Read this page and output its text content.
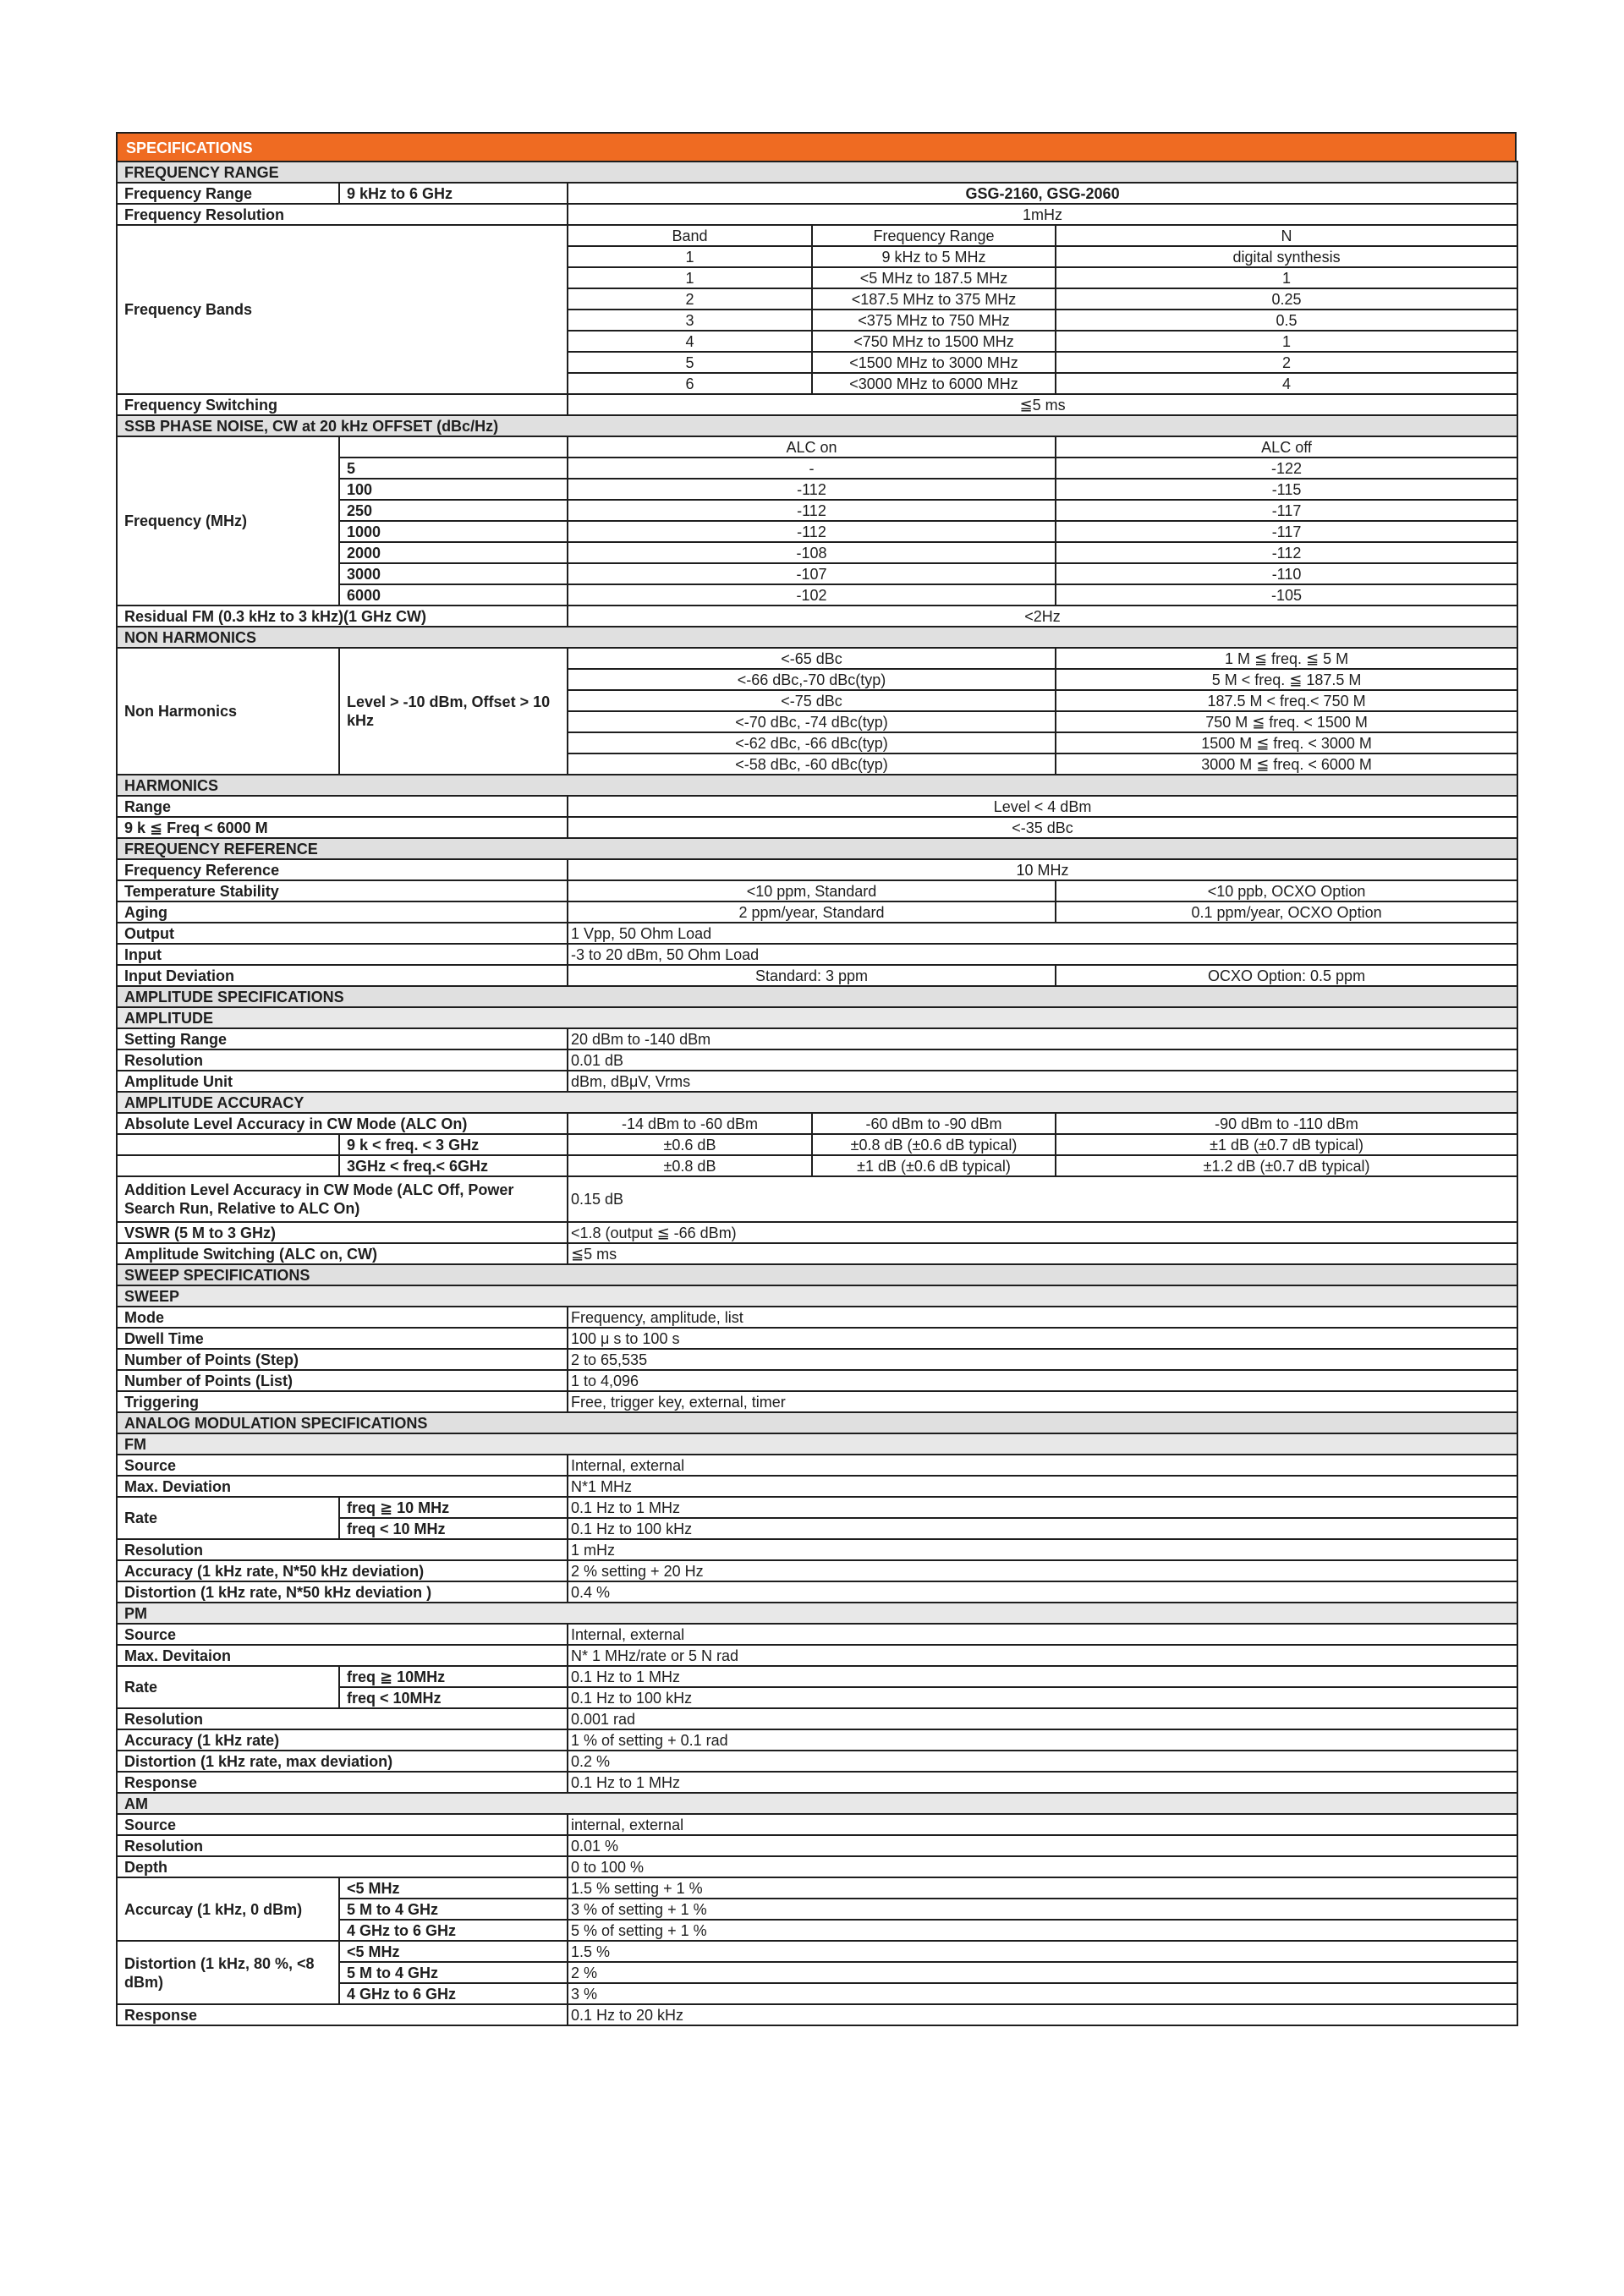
SPECIFICATIONS
FREQUENCY RANGE				
Frequency Range	9 kHz to 6 GHz	GSG-2160, GSG-2060		
Frequency Resolution		1mHz		
Frequency Bands		Band	Frequency Range	N
		1	9 kHz to 5 MHz	digital synthesis
		1	<5 MHz to 187.5 MHz	1
		2	<187.5 MHz to 375 MHz	0.25
		3	<375 MHz to 750 MHz	0.5
		4	<750 MHz to 1500 MHz	1
		5	<1500 MHz to 3000 MHz	2
		6	<3000 MHz to 6000 MHz	4
Frequency Switching		≦5 ms		
SSB PHASE NOISE, CW at 20 kHz OFFSET (dBc/Hz)				
Frequency (MHz)		ALC on		ALC off
	5	-		-122
	100	-112		-115
	250	-112		-117
	1000	-112		-117
	2000	-108		-112
	3000	-107		-110
	6000	-102		-105
Residual FM (0.3 kHz to 3 kHz)(1 GHz CW)		<2Hz		
NON HARMONICS				
Non Harmonics	Level > -10 dBm, Offset > 10 kHz	<-65 dBc		1 M ≦ freq. ≦ 5 M
		<-66 dBc,-70 dBc(typ)		5 M < freq. ≦ 187.5 M
		<-75 dBc		187.5 M < freq.< 750 M
		<-70 dBc, -74 dBc(typ)		750 M ≦ freq. < 1500 M
		<-62 dBc, -66 dBc(typ)		1500 M ≦ freq. < 3000 M
		<-58 dBc, -60 dBc(typ)		3000 M ≦ freq. < 6000 M
HARMONICS				
Range		Level < 4 dBm		
9 k ≦ Freq < 6000 M		<-35 dBc		
FREQUENCY REFERENCE				
Frequency Reference		10 MHz		
Temperature Stability		<10 ppm, Standard		<10 ppb, OCXO Option
Aging		2 ppm/year, Standard		0.1 ppm/year, OCXO Option
Output		1 Vpp, 50 Ohm Load		
Input		-3 to 20 dBm, 50 Ohm Load		
Input Deviation		Standard: 3 ppm		OCXO Option: 0.5 ppm
AMPLITUDE SPECIFICATIONS				
AMPLITUDE				
Setting Range		20 dBm to -140 dBm		
Resolution		0.01 dB		
Amplitude Unit		dBm, dBμV, Vrms		
AMPLITUDE ACCURACY				
Absolute Level Accuracy in CW Mode (ALC On)		-14 dBm to -60 dBm	-60 dBm to -90 dBm	-90 dBm to -110 dBm
	9 k < freq. < 3 GHz	±0.6 dB	±0.8 dB (±0.6 dB typical)	±1 dB (±0.7 dB typical)
	3GHz < freq.< 6GHz	±0.8 dB	±1 dB (±0.6 dB typical)	±1.2 dB (±0.7 dB typical)
Addition Level Accuracy in CW Mode (ALC Off, Power Search Run, Relative to ALC On)		0.15 dB		
VSWR (5 M to 3 GHz)		<1.8 (output ≦ -66 dBm)		
Amplitude Switching (ALC on, CW)		≦5 ms		
SWEEP SPECIFICATIONS				
SWEEP				
Mode		Frequency, amplitude, list		
Dwell Time		100 μ s to 100 s		
Number of Points (Step)		2 to 65,535		
Number of Points (List)		1 to 4,096		
Triggering		Free, trigger key, external, timer		
ANALOG MODULATION SPECIFICATIONS				
FM				
Source		Internal, external		
Max. Deviation		N*1 MHz		
Rate	freq ≧ 10 MHz	0.1 Hz to 1 MHz		
	freq < 10 MHz	0.1 Hz to 100 kHz		
Resolution		1 mHz		
Accuracy (1 kHz rate, N*50 kHz deviation)		2 % setting + 20 Hz		
Distortion (1 kHz rate, N*50 kHz deviation )		0.4 %		
PM				
Source		Internal, external		
Max. Devitaion		N* 1 MHz/rate or 5 N rad		
Rate	freq ≧ 10MHz	0.1 Hz to 1 MHz		
	freq < 10MHz	0.1 Hz to 100 kHz		
Resolution		0.001 rad		
Accuracy (1 kHz rate)		1 % of setting + 0.1 rad		
Distortion (1 kHz rate, max deviation)		0.2 %		
Response		0.1 Hz to 1 MHz		
AM				
Source		internal, external		
Resolution		0.01 %		
Depth		0 to 100 %		
Accurcay (1 kHz, 0 dBm)	<5 MHz	1.5 % setting + 1 %		
	5 M to 4 GHz	3 % of setting + 1 %		
	4 GHz to 6 GHz	5 % of setting + 1 %		
Distortion (1 kHz, 80 %, <8 dBm)	<5 MHz	1.5 %		
	5 M to 4 GHz	2 %		
	4 GHz to 6 GHz	3 %		
Response		0.1 Hz to 20 kHz		
